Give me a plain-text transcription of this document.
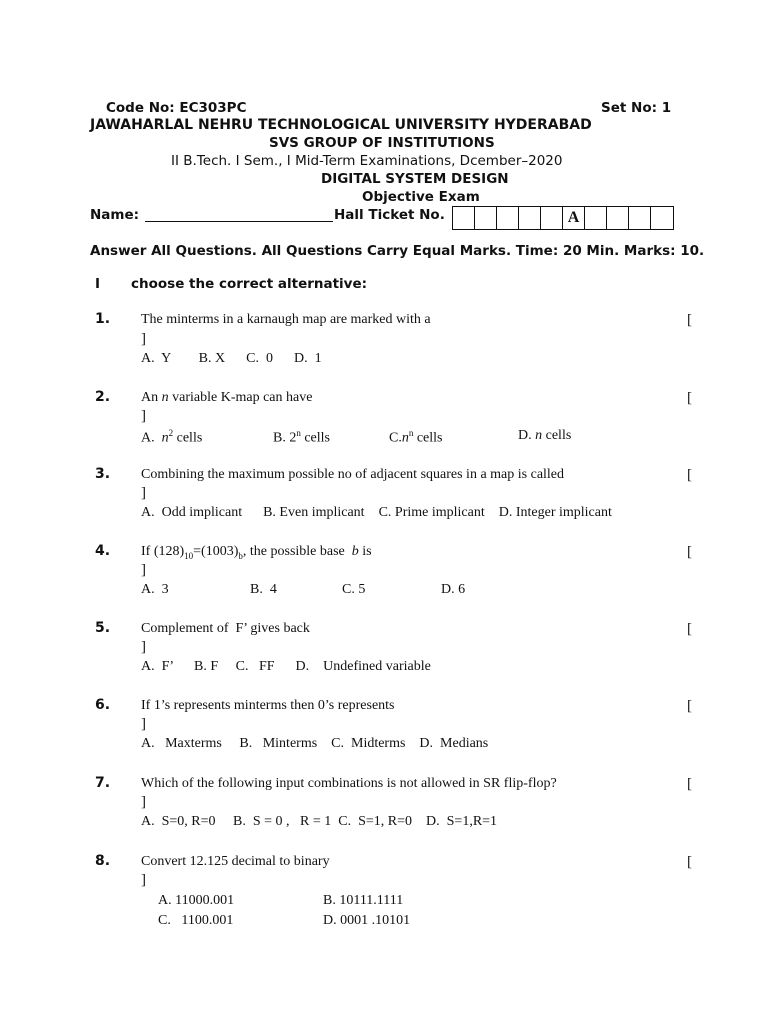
Code No: EC303PC	Set No: 1
JAWAHARLAL NEHRU TECHNOLOGICAL UNIVERSITY HYDERABAD
SVS GROUP OF INSTITUTIONS
II B.Tech. I Sem., I Mid-Term Examinations, Dcember–2020
DIGITAL SYSTEM DESIGN
Objective Exam
Name:	Hall Ticket No.	A
Answer All Questions. All Questions Carry Equal Marks. Time: 20 Min. Marks: 10.
I choose the correct alternative:
1. The minterms in a karnaugh map are marked with a	[
]
A.  Y        B. X      C.  0      D.  1
2. An n variable K-map can have	[
]
A.  $n^2$ cells	B. 2$^n$ cells	$C.n^n$ cells	D. n cells
3. Combining the maximum possible no of adjacent squares in a map is called	[
]
A.  Odd implicant      B. Even implicant    C. Prime implicant    D. Integer implicant
4. If $(128)_{10}=(1003)_b$, the possible base  b is	[
]
A.  3	B.  4	C. 5	D. 6
5. Complement of  F’ gives back	[
]
A.  F’      B. F     C.   FF      D.    Undefined variable
6. If 1’s represents minterms then 0’s represents	[
]
A.   Maxterms     B.   Minterms    C.  Midterms    D.  Medians
7. Which of the following input combinations is not allowed in SR flip-flop?	[
]
A.  S=0, R=0     B.  S = 0 ,   R = 1  C.  S=1, R=0    D.  S=1,R=1
8. Convert 12.125 decimal to binary	[
]
A. 11000.001	B. 10111.1111
C.   1100.001	D. 0001 .10101
